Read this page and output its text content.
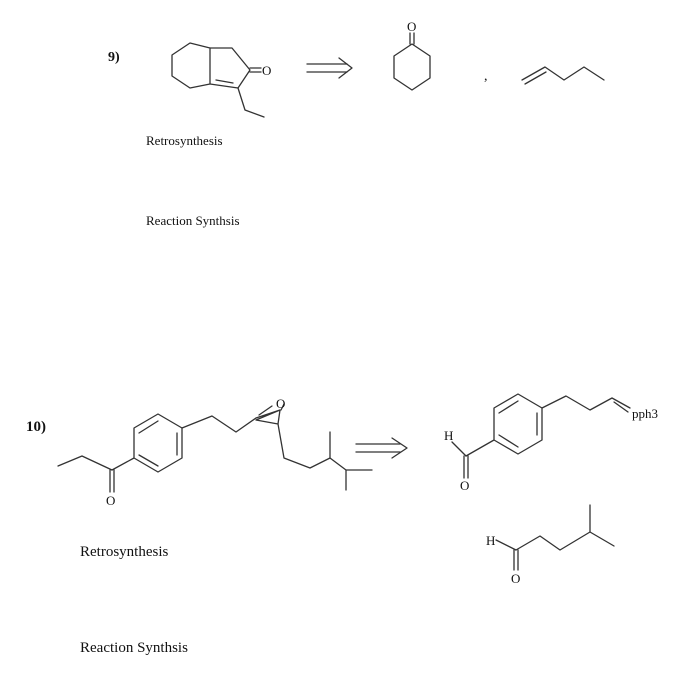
9)
Retrosynthesis
Reaction Synthsis
10)
Retrosynthesis
Reaction Synthsis
O
O
,
O
O
H
O
pph3
H
O
